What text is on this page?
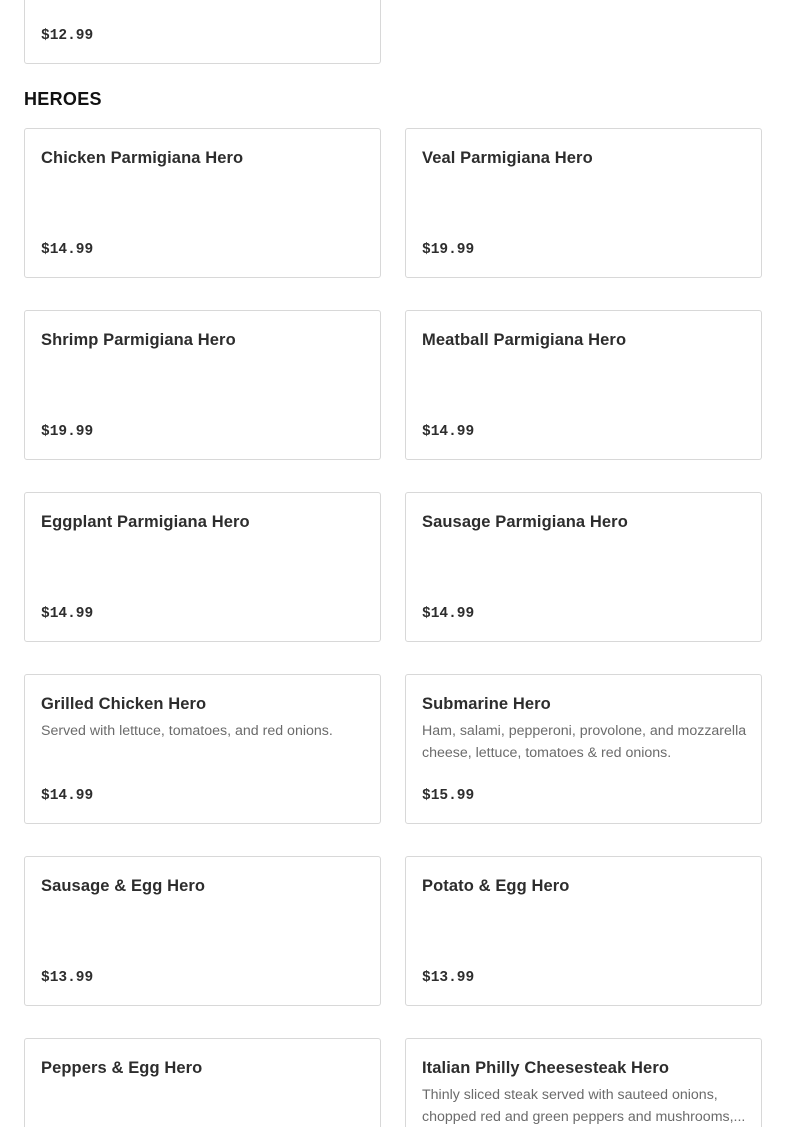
$12.99
HEROES
Chicken Parmigiana Hero
$14.99
Veal Parmigiana Hero
$19.99
Shrimp Parmigiana Hero
$19.99
Meatball Parmigiana Hero
$14.99
Eggplant Parmigiana Hero
$14.99
Sausage Parmigiana Hero
$14.99
Grilled Chicken Hero
Served with lettuce, tomatoes, and red onions.
$14.99
Submarine Hero
Ham, salami, pepperoni, provolone, and mozzarella cheese, lettuce, tomatoes & red onions.
$15.99
Sausage & Egg Hero
$13.99
Potato & Egg Hero
$13.99
Peppers & Egg Hero	Italian Philly Cheesesteak Hero
Thinly sliced steak served with sauteed onions, chopped red and green peppers and mushrooms,...
